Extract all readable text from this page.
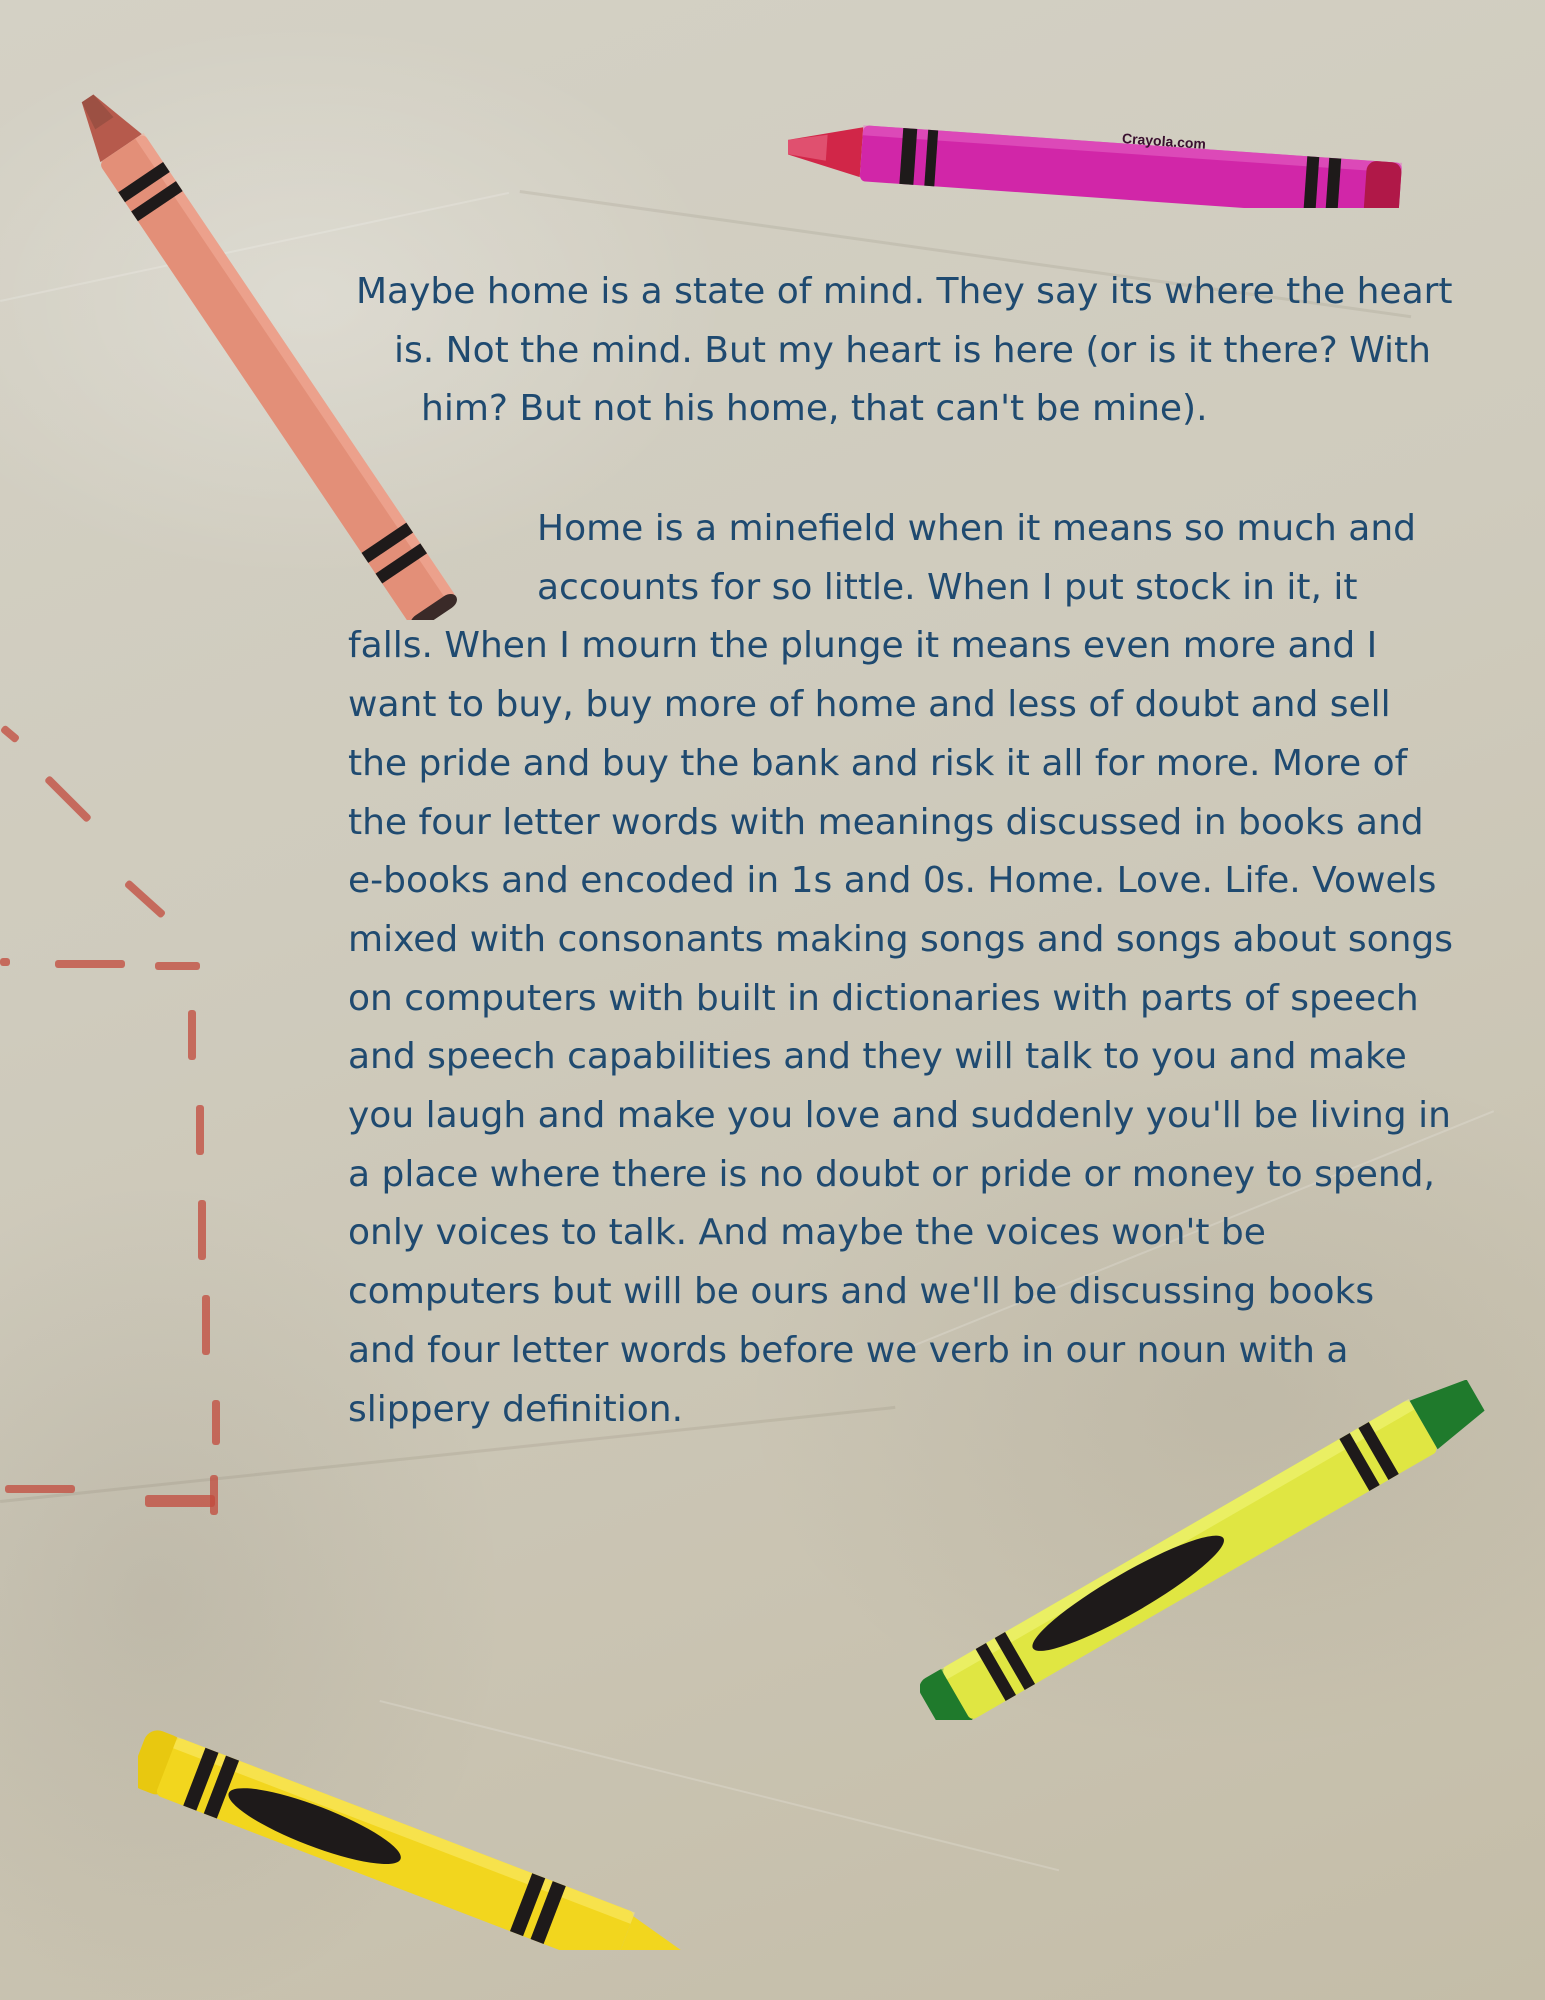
Crayola.com

Maybe home is a state of mind. They say its where the heart
is. Not the mind. But my heart is here (or is it there? With
him? But not his home, that can't be mine).

Home is a minefield when it means so much and
accounts for so little. When I put stock in it, it
falls. When I mourn the plunge it means even more and I
want to buy, buy more of home and less of doubt and sell
the pride and buy the bank and risk it all for more. More of
the four letter words with meanings discussed in books and
e-books and encoded in 1s and 0s. Home. Love. Life. Vowels
mixed with consonants making songs and songs about songs
on computers with built in dictionaries with parts of speech
and speech capabilities and they will talk to you and make
you laugh and make you love and suddenly you'll be living in
a place where there is no doubt or pride or money to spend,
only voices to talk. And maybe the voices won't be
computers but will be ours and we'll be discussing books
and four letter words before we verb in our noun with a
slippery definition.
